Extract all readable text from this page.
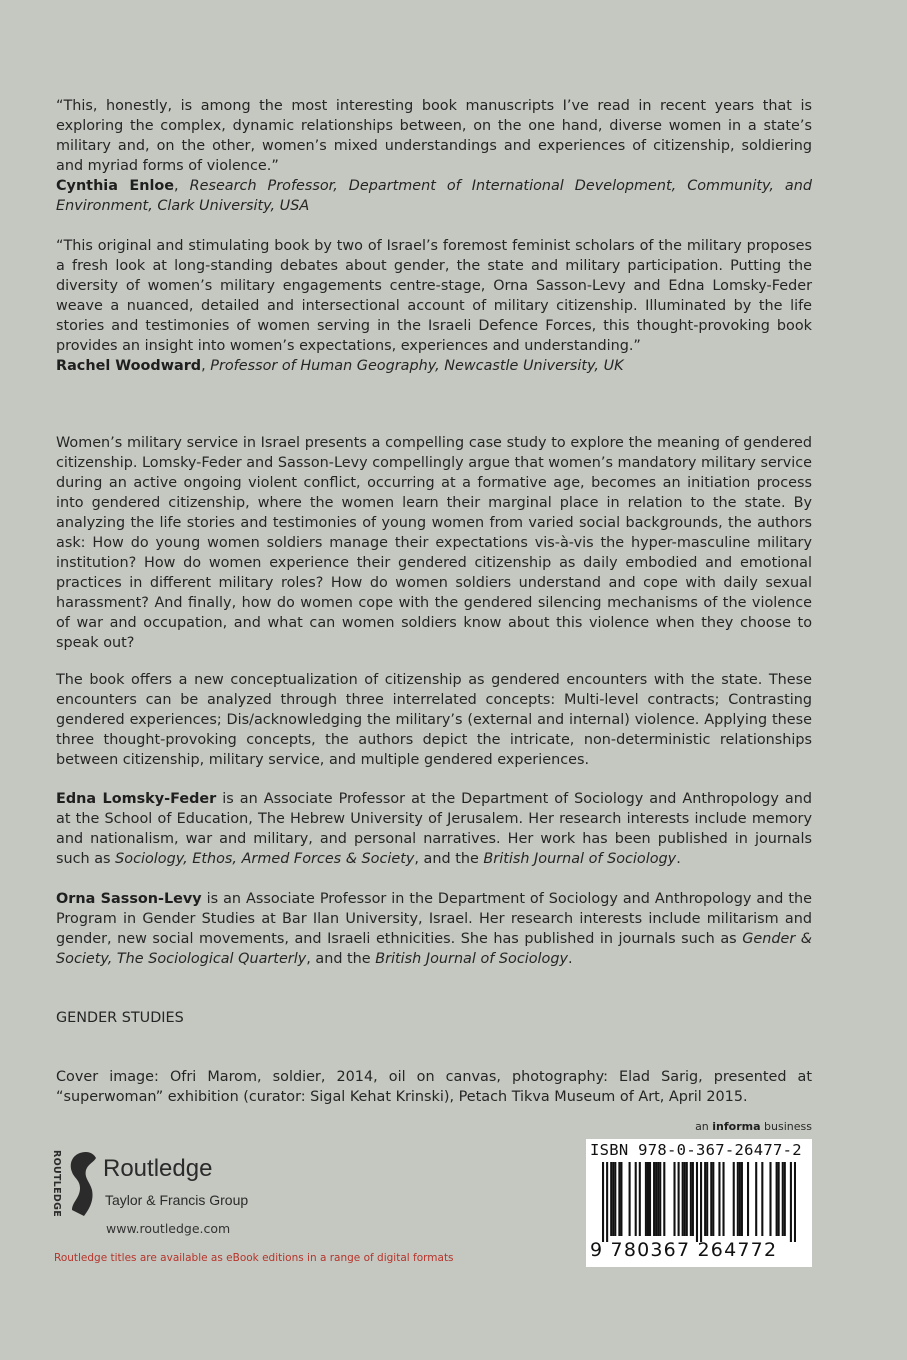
“This, honestly, is among the most interesting book manuscripts I’ve read in recent years that is exploring the complex, dynamic relationships between, on the one hand, diverse women in a state’s military and, on the other, women’s mixed understandings and experiences of citizenship, soldiering and myriad forms of violence.”
Cynthia Enloe, Research Professor, Department of International Development, Community, and Environment, Clark University, USA

“This original and stimulating book by two of Israel’s foremost feminist scholars of the military proposes a fresh look at long-standing debates about gender, the state and military participation. Putting the diversity of women’s military engagements centre-stage, Orna Sasson-Levy and Edna Lomsky-Feder weave a nuanced, detailed and intersectional account of military citizenship. Illuminated by the life stories and testimonies of women serving in the Israeli Defence Forces, this thought-provoking book provides an insight into women’s expectations, experiences and understanding.”
Rachel Woodward, Professor of Human Geography, Newcastle University, UK

Women’s military service in Israel presents a compelling case study to explore the meaning of gendered citizenship. Lomsky-Feder and Sasson-Levy compellingly argue that women’s mandatory military service during an active ongoing violent conflict, occurring at a formative age, becomes an initiation process into gendered citizenship, where the women learn their marginal place in relation to the state. By analyzing the life stories and testimonies of young women from varied social backgrounds, the authors ask: How do young women soldiers manage their expectations vis-à-vis the hyper-masculine military institution? How do women experience their gendered citizenship as daily embodied and emotional practices in different military roles? How do women soldiers understand and cope with daily sexual harassment? And finally, how do women cope with the gendered silencing mechanisms of the violence of war and occupation, and what can women soldiers know about this violence when they choose to speak out?

The book offers a new conceptualization of citizenship as gendered encounters with the state. These encounters can be analyzed through three interrelated concepts: Multi-level contracts; Contrasting gendered experiences; Dis/acknowledging the military’s (external and internal) violence. Applying these three thought-provoking concepts, the authors depict the intricate, non-deterministic relationships between citizenship, military service, and multiple gendered experiences.

Edna Lomsky-Feder is an Associate Professor at the Department of Sociology and Anthropology and at the School of Education, The Hebrew University of Jerusalem. Her research interests include memory and nationalism, war and military, and personal narratives. Her work has been published in journals such as Sociology, Ethos, Armed Forces & Society, and the British Journal of Sociology.

Orna Sasson-Levy is an Associate Professor in the Department of Sociology and Anthropology and the Program in Gender Studies at Bar Ilan University, Israel. Her research interests include militarism and gender, new social movements, and Israeli ethnicities. She has published in journals such as Gender & Society, The Sociological Quarterly, and the British Journal of Sociology.

GENDER STUDIES

Cover image: Ofri Marom, soldier, 2014, oil on canvas, photography: Elad Sarig, presented at “superwoman” exhibition (curator: Sigal Kehat Krinski), Petach Tikva Museum of Art, April 2015.

an informa business
ISBN 978-0-367-26477-2
9 780367 264772
ROUTLEDGE Routledge
Taylor & Francis Group
www.routledge.com
Routledge titles are available as eBook editions in a range of digital formats
